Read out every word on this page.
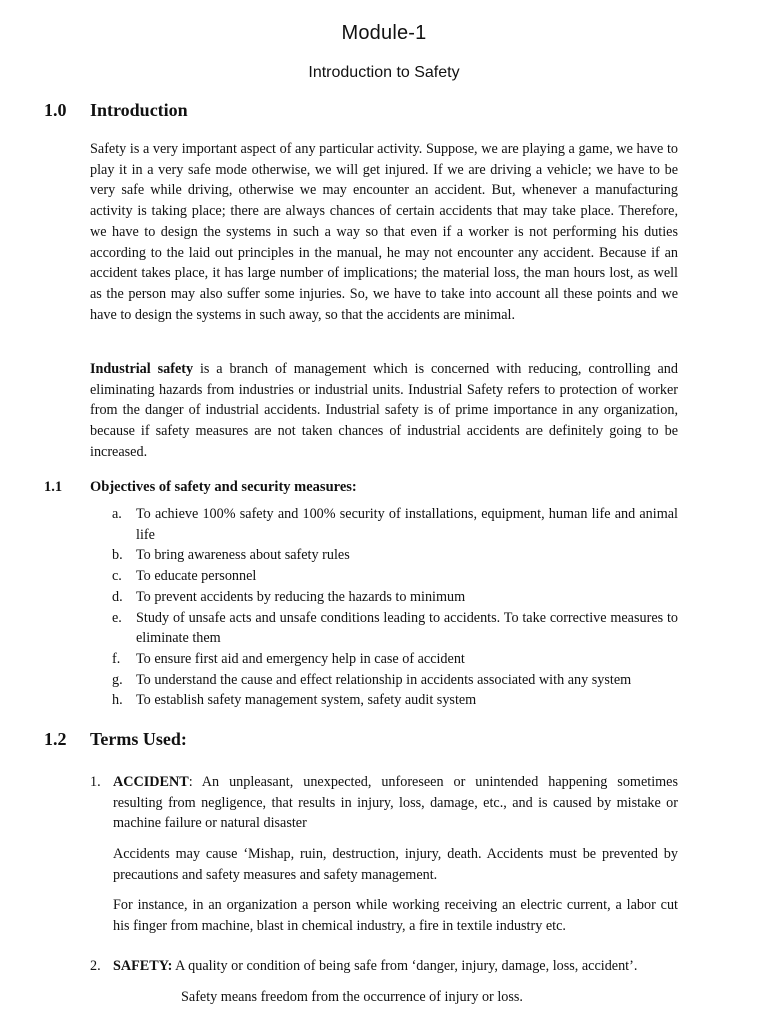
Module-1
Introduction to Safety
1.0 Introduction
Safety is a very important aspect of any particular activity. Suppose, we are playing a game, we have to play it in a very safe mode otherwise, we will get injured. If we are driving a vehicle; we have to be very safe while driving, otherwise we may encounter an accident. But, whenever a manufacturing activity is taking place; there are always chances of certain accidents that may take place. Therefore, we have to design the systems in such a way so that even if a worker is not performing his duties according to the laid out principles in the manual, he may not encounter any accident. Because if an accident takes place, it has large number of implications; the material loss, the man hours lost, as well as the person may also suffer some injuries. So, we have to take into account all these points and we have to design the systems in such away, so that the accidents are minimal.
Industrial safety is a branch of management which is concerned with reducing, controlling and eliminating hazards from industries or industrial units. Industrial Safety refers to protection of worker from the danger of industrial accidents. Industrial safety is of prime importance in any organization, because if safety measures are not taken chances of industrial accidents are definitely going to be increased.
1.1 Objectives of safety and security measures:
a. To achieve 100% safety and 100% security of installations, equipment, human life and animal life
b. To bring awareness about safety rules
c. To educate personnel
d. To prevent accidents by reducing the hazards to minimum
e. Study of unsafe acts and unsafe conditions leading to accidents. To take corrective measures to eliminate them
f. To ensure first aid and emergency help in case of accident
g. To understand the cause and effect relationship in accidents associated with any system
h. To establish safety management system, safety audit system
1.2 Terms Used:
1. ACCIDENT: An unpleasant, unexpected, unforeseen or unintended happening sometimes resulting from negligence, that results in injury, loss, damage, etc., and is caused by mistake or machine failure or natural disaster
Accidents may cause ‘Mishap, ruin, destruction, injury, death. Accidents must be prevented by precautions and safety measures and safety management.
For instance, in an organization a person while working receiving an electric current, a labor cut his finger from machine, blast in chemical industry, a fire in textile industry etc.
2. SAFETY: A quality or condition of being safe from ‘danger, injury, damage, loss, accident’.
Safety means freedom from the occurrence of injury or loss.
